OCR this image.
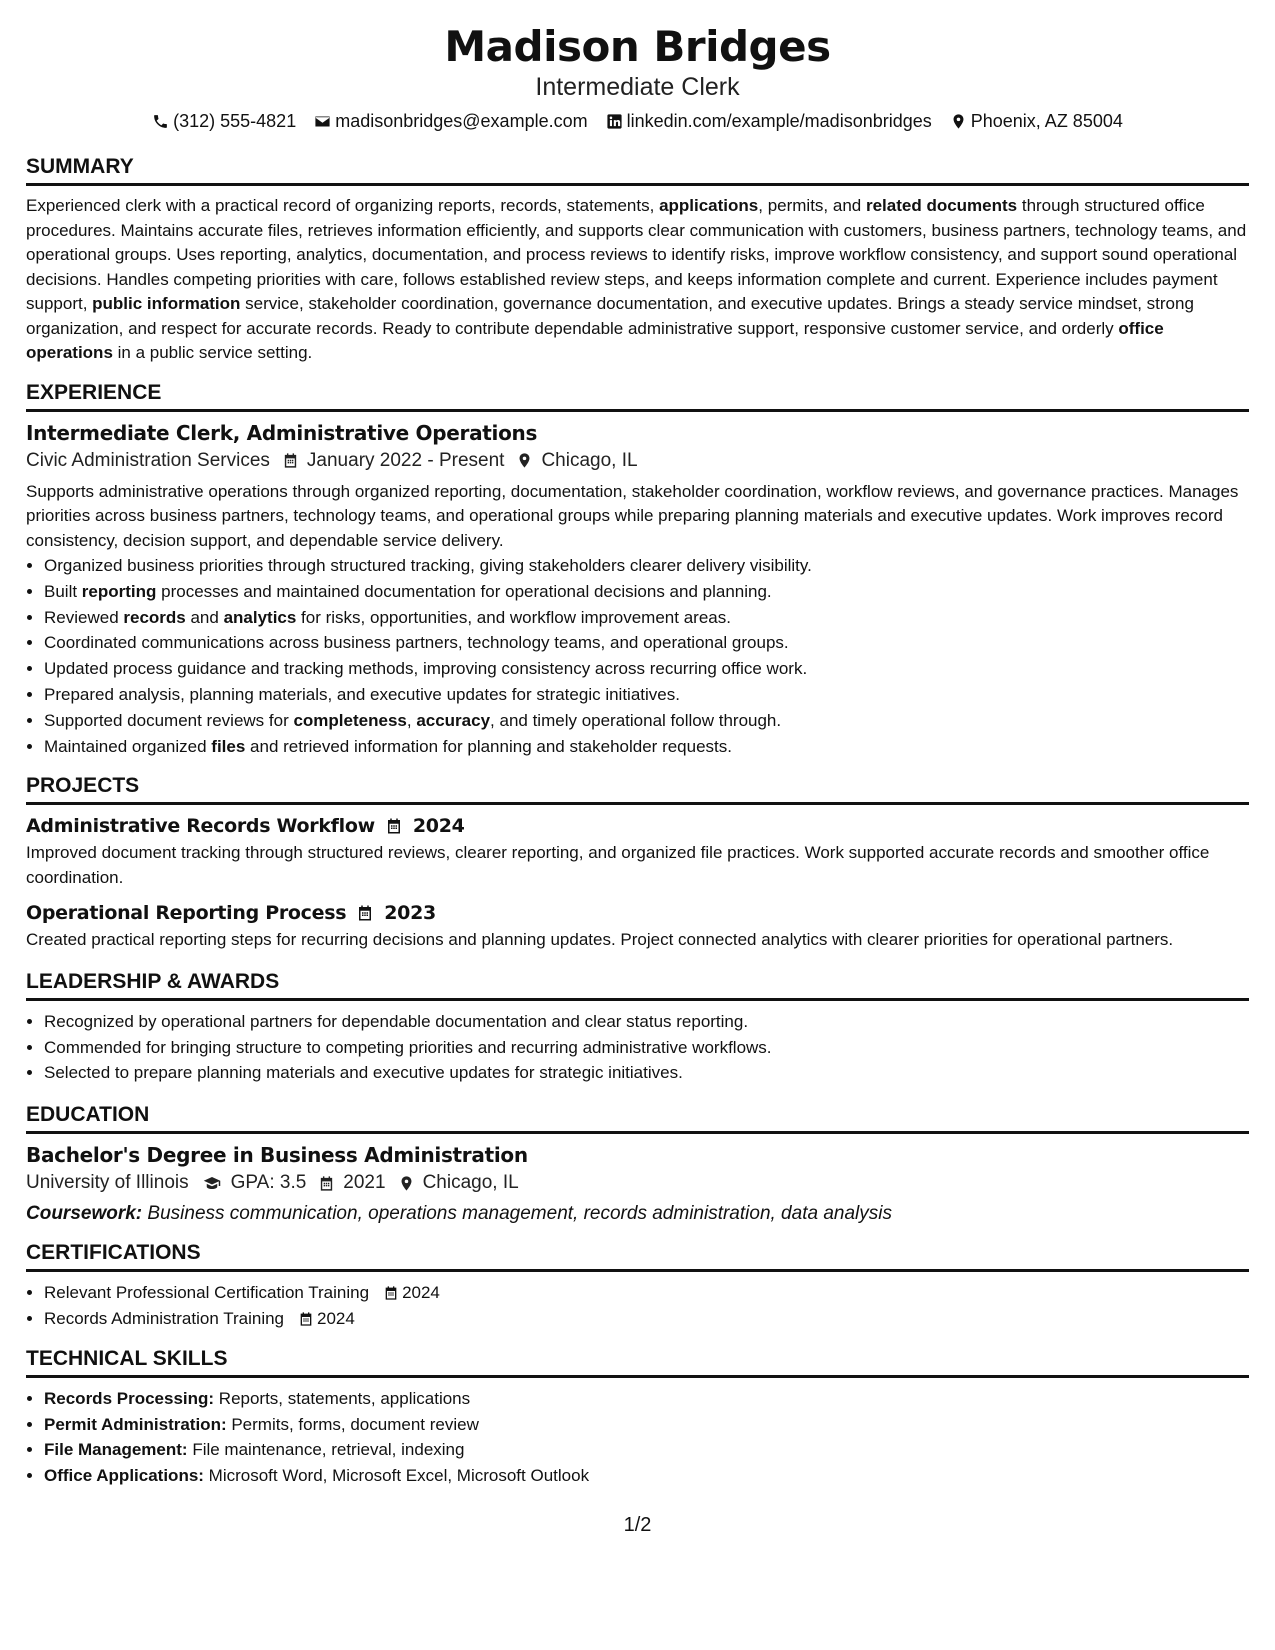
Madison Bridges
Intermediate Clerk
(312) 555-4821 madisonbridges@example.com linkedin.com/example/madisonbridges Phoenix, AZ 85004
SUMMARY

Experienced clerk with a practical record of organizing reports, records, statements, applications, permits, and related documents through structured office procedures. Maintains accurate files, retrieves information efficiently, and supports clear communication with customers, business partners, technology teams, and operational groups. Uses reporting, analytics, documentation, and process reviews to identify risks, improve workflow consistency, and support sound operational decisions. Handles competing priorities with care, follows established review steps, and keeps information complete and current. Experience includes payment support, public information service, stakeholder coordination, governance documentation, and executive updates. Brings a steady service mindset, strong organization, and respect for accurate records. Ready to contribute dependable administrative support, responsive customer service, and orderly office operations in a public service setting.

EXPERIENCE
Intermediate Clerk, Administrative Operations
Civic Administration Services January 2022 - Present Chicago, IL

Supports administrative operations through organized reporting, documentation, stakeholder coordination, workflow reviews, and governance practices. Manages priorities across business partners, technology teams, and operational groups while preparing planning materials and executive updates. Work improves record consistency, decision support, and dependable service delivery.

• Organized business priorities through structured tracking, giving stakeholders clearer delivery visibility.
• Built reporting processes and maintained documentation for operational decisions and planning.
• Reviewed records and analytics for risks, opportunities, and workflow improvement areas.
• Coordinated communications across business partners, technology teams, and operational groups.
• Updated process guidance and tracking methods, improving consistency across recurring office work.
• Prepared analysis, planning materials, and executive updates for strategic initiatives.
• Supported document reviews for completeness, accuracy, and timely operational follow through.
• Maintained organized files and retrieved information for planning and stakeholder requests.
PROJECTS
Administrative Records Workflow 2024

Improved document tracking through structured reviews, clearer reporting, and organized file practices. Work supported accurate records and smoother office coordination.

Operational Reporting Process 2023

Created practical reporting steps for recurring decisions and planning updates. Project connected analytics with clearer priorities for operational partners.

LEADERSHIP & AWARDS
• Recognized by operational partners for dependable documentation and clear status reporting.
• Commended for bringing structure to competing priorities and recurring administrative workflows.
• Selected to prepare planning materials and executive updates for strategic initiatives.
EDUCATION
Bachelor's Degree in Business Administration
University of Illinois GPA: 3.5 2021 Chicago, IL
Coursework: Business communication, operations management, records administration, data analysis
CERTIFICATIONS
• Relevant Professional Certification Training 2024
• Records Administration Training 2024
TECHNICAL SKILLS
• Records Processing: Reports, statements, applications
• Permit Administration: Permits, forms, document review
• File Management: File maintenance, retrieval, indexing
• Office Applications: Microsoft Word, Microsoft Excel, Microsoft Outlook
1/2
